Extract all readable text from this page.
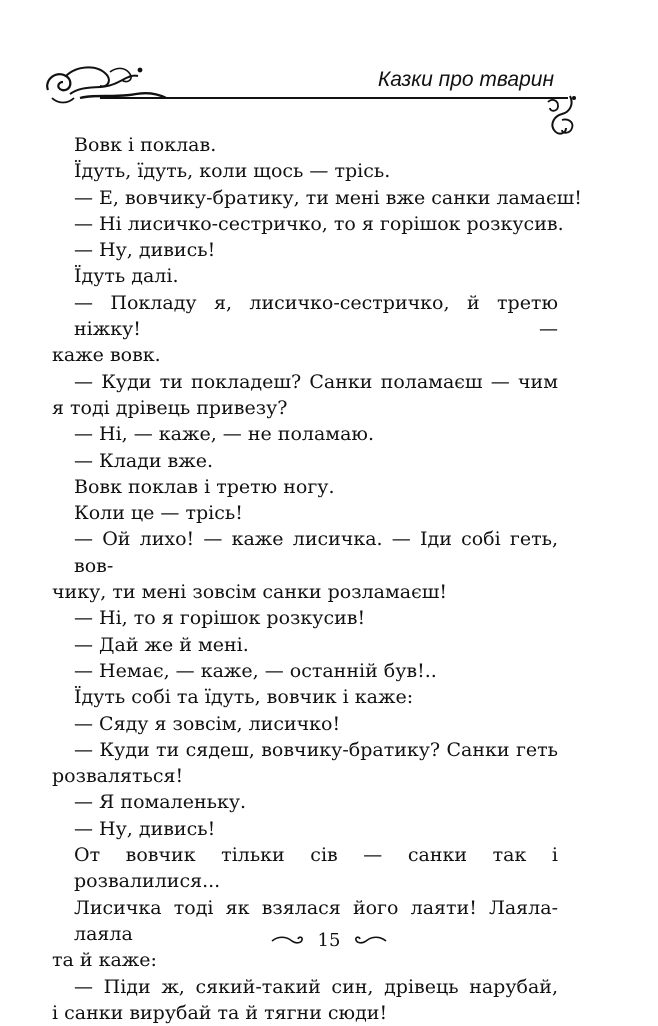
Казки про тварин
Вовк і поклав.
Їдуть, їдуть, коли щось — трісь.
— Е, вовчику-братику, ти мені вже санки ламаєш!
— Ні лисичко-сестричко, то я горішок розкусив.
— Ну, дивись!
Їдуть далі.
— Покладу я, лисичко-сестричко, й третю ніжку! —
каже вовк.
— Куди ти покладеш? Санки поламаєш — чим
я тоді дрівець привезу?
— Ні, — каже, — не поламаю.
— Клади вже.
Вовк поклав і третю ногу.
Коли це — трісь!
— Ой лихо! — каже лисичка. — Іди собі геть, вов-
чику, ти мені зовсім санки розламаєш!
— Ні, то я горішок розкусив!
— Дай же й мені.
— Немає, — каже, — останній був!..
Їдуть собі та їдуть, вовчик і каже:
— Сяду я зовсім, лисичко!
— Куди ти сядеш, вовчику-братику? Санки геть
розваляться!
— Я помаленьку.
— Ну, дивись!
От вовчик тільки сів — санки так і розвалилися...
Лисичка тоді як взялася його лаяти! Лаяла-лаяла
та й каже:
— Піди ж, сякий-такий син, дрівець нарубай,
і санки вирубай та й тягни сюди!
15
